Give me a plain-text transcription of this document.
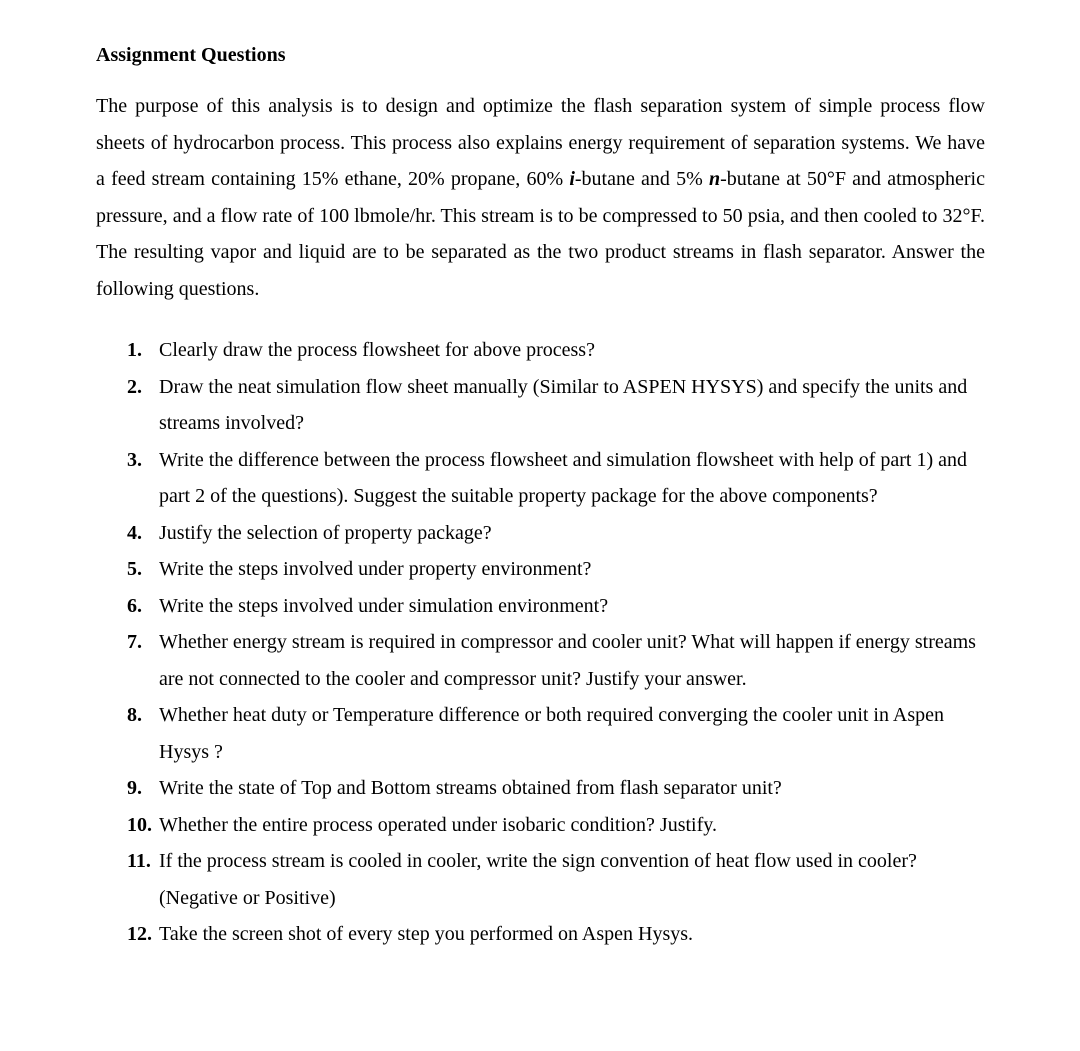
Assignment Questions

The purpose of this analysis is to design and optimize the flash separation system of simple process flow sheets of hydrocarbon process. This process also explains energy requirement of separation systems. We have a feed stream containing 15% ethane, 20% propane, 60% i-butane and 5% n-butane at 50°F and atmospheric pressure, and a flow rate of 100 lbmole/hr. This stream is to be compressed to 50 psia, and then cooled to 32°F. The resulting vapor and liquid are to be separated as the two product streams in flash separator. Answer the following questions.

1. Clearly draw the process flowsheet for above process?
2. Draw the neat simulation flow sheet manually (Similar to ASPEN HYSYS) and specify the units and streams involved?
3. Write the difference between the process flowsheet and simulation flowsheet with help of part 1) and part 2 of the questions). Suggest the suitable property package for the above components?
4. Justify the selection of property package?
5. Write the steps involved under property environment?
6. Write the steps involved under simulation environment?
7. Whether energy stream is required in compressor and cooler unit? What will happen if energy streams are not connected to the cooler and compressor unit? Justify your answer.
8. Whether heat duty or Temperature difference or both required converging the cooler unit in Aspen Hysys ?
9. Write the state of Top and Bottom streams obtained from flash separator unit?
10. Whether the entire process operated under isobaric condition? Justify.
11. If the process stream is cooled in cooler, write the sign convention of heat flow used in cooler? (Negative or Positive)
12. Take the screen shot of every step you performed on Aspen Hysys.
